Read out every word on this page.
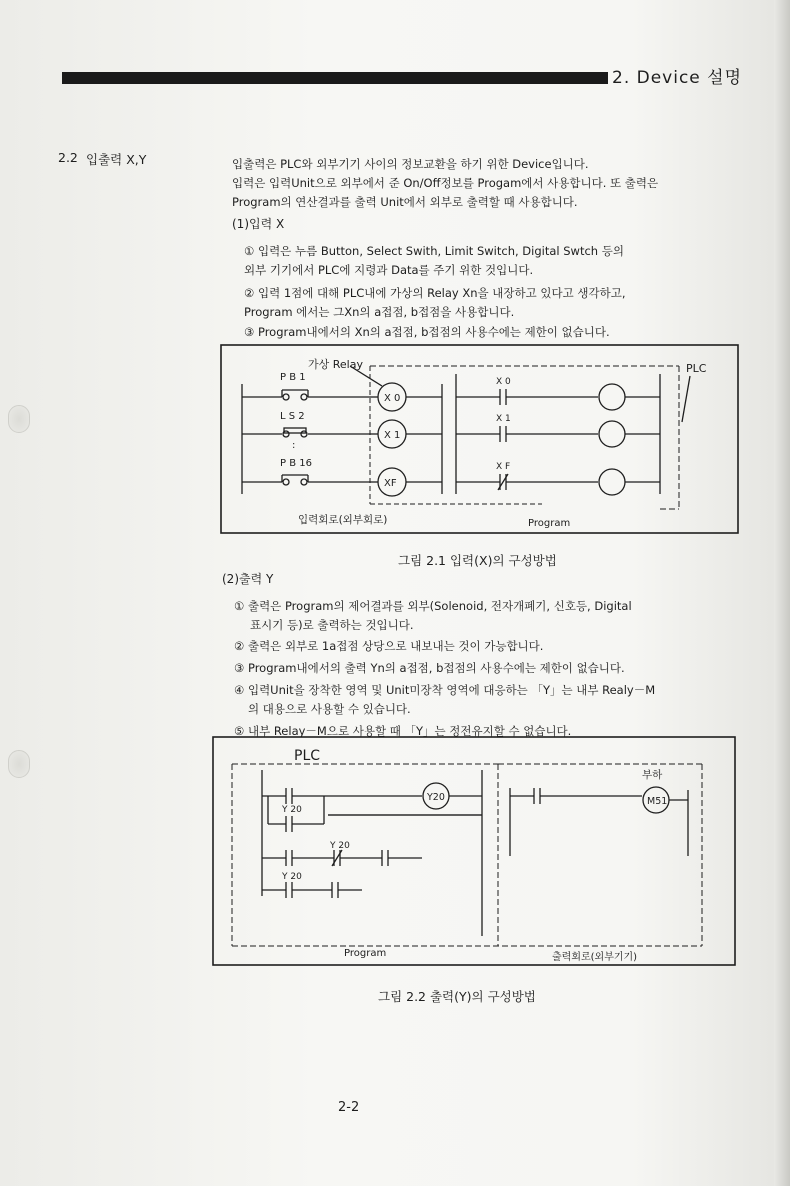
2. Device 설명
2.2 입출력 X,Y	입출력은 PLC와 외부기기 사이의 정보교환을 하기 위한 Device입니다.
입력은 입력Unit으로 외부에서 준 On/Off정보를 Progam에서 사용합니다. 또 출력은
Program의 연산결과를 출력 Unit에서 외부로 출력할 때 사용합니다.
(1)입력 X
① 입력은 누름 Button, Select Swith, Limit Switch, Digital Swtch 등의
외부 기기에서 PLC에 지령과 Data를 주기 위한 것입니다.
② 입력 1점에 대해 PLC내에 가상의 Relay Xn을 내장하고 있다고 생각하고,
Program 에서는 그Xn의 a접점, b접점을 사용합니다.
③ Program내에서의 Xn의 a접점, b접점의 사용수에는 제한이 없습니다.
가상 Relay	PLC
P B 1
L S 2
:
P B 16
X 0
X 1
XF
X 0
X 1
X F
입력회로(외부회로)	Program
그림 2.1 입력(X)의 구성방법
(2)출력 Y
① 출력은 Program의 제어결과를 외부(Solenoid, 전자개폐기, 신호등, Digital
표시기 등)로 출력하는 것입니다.
② 출력은 외부로 1a접점 상당으로 내보내는 것이 가능합니다.
③ Program내에서의 출력 Yn의 a접점, b접점의 사용수에는 제한이 없습니다.
④ 입력Unit을 장착한 영역 및 Unit미장착 영역에 대응하는 「Y」는 내부 Realy－M
의 대용으로 사용할 수 있습니다.
⑤ 내부 Relay－M으로 사용할 때 「Y」는 정전유지할 수 없습니다.
PLC
Y20
Y 20
Y 20
Y 20
부하
M51
Program	출력회로(외부기기)
그림 2.2 출력(Y)의 구성방법
2-2
